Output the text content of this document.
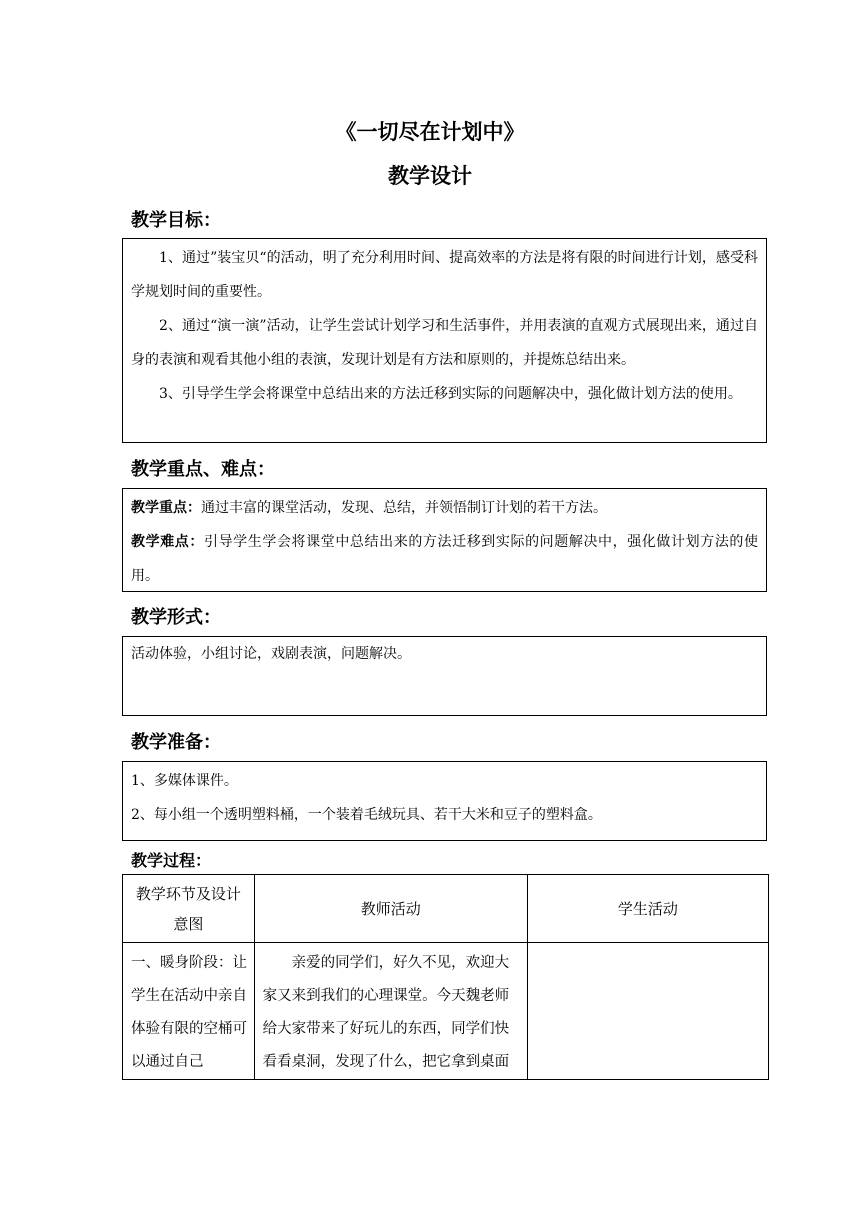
《一切尽在计划中》
教学设计
教学目标：

1、通过”装宝贝“的活动，明了充分利用时间、提高效率的方法是将有限的时间进行计划，感受科学规划时间的重要性。

2、通过“演一演”活动，让学生尝试计划学习和生活事件，并用表演的直观方式展现出来，通过自身的表演和观看其他小组的表演，发现计划是有方法和原则的，并提炼总结出来。

3、引导学生学会将课堂中总结出来的方法迁移到实际的问题解决中，强化做计划方法的使用。

教学重点、难点：

教学重点：通过丰富的课堂活动，发现、总结，并领悟制订计划的若干方法。

教学难点：引导学生学会将课堂中总结出来的方法迁移到实际的问题解决中，强化做计划方法的使用。

教学形式：

活动体验，小组讨论，戏剧表演，问题解决。

教学准备：

1、多媒体课件。

2、每小组一个透明塑料桶，一个装着毛绒玩具、若干大米和豆子的塑料盒。

教学过程：
教学环节及设计意图	教师活动	学生活动

一、暖身阶段：让学生在活动中亲自体验有限的空桶可以通过自己	亲爱的同学们，好久不见，欢迎大家又来到我们的心理课堂。今天魏老师给大家带来了好玩儿的东西，同学们快看看桌洞，发现了什么，把它拿到桌面	
